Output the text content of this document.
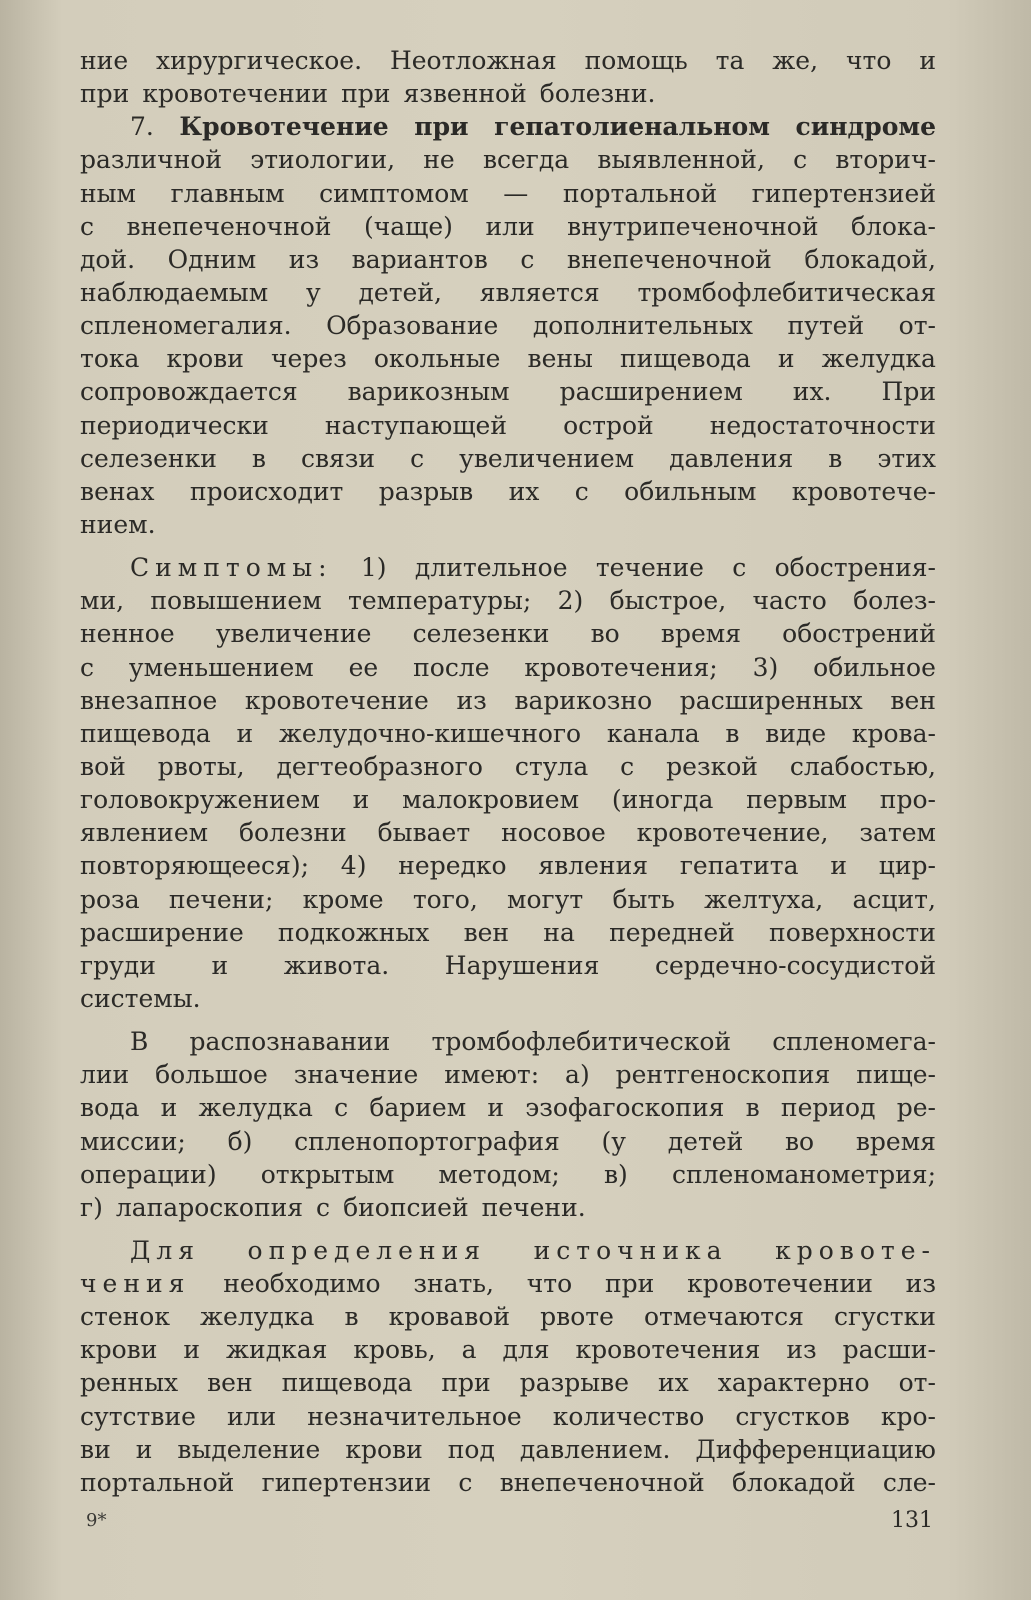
ние хирургическое. Неотложная помощь та же, что и
при кровотечении при язвенной болезни.
7. Кровотечение при гепатолиенальном синдроме
различной этиологии, не всегда выявленной, с вторич-
ным главным симптомом — портальной гипертензией
с внепеченочной (чаще) или внутрипеченочной блока-
дой. Одним из вариантов с внепеченочной блокадой,
наблюдаемым у детей, является тромбофлебитическая
спленомегалия. Образование дополнительных путей от-
тока крови через окольные вены пищевода и желудка
сопровождается варикозным расширением их. При
периодически наступающей острой недостаточности
селезенки в связи с увеличением давления в этих
венах происходит разрыв их с обильным кровотече-
нием.
Симптомы: 1) длительное течение с обострения-
ми, повышением температуры; 2) быстрое, часто болез-
ненное увеличение селезенки во время обострений
с уменьшением ее после кровотечения; 3) обильное
внезапное кровотечение из варикозно расширенных вен
пищевода и желудочно-кишечного канала в виде крова-
вой рвоты, дегтеобразного стула с резкой слабостью,
головокружением и малокровием (иногда первым про-
явлением болезни бывает носовое кровотечение, затем
повторяющееся); 4) нередко явления гепатита и цир-
роза печени; кроме того, могут быть желтуха, асцит,
расширение подкожных вен на передней поверхности
груди и живота. Нарушения сердечно-сосудистой
системы.
В распознавании тромбофлебитической спленомега-
лии большое значение имеют: а) рентгеноскопия пище-
вода и желудка с барием и эзофагоскопия в период ре-
миссии; б) спленопортография (у детей во время
операции) открытым методом; в) спленоманометрия;
г) лапароскопия с биопсией печени.
Для определения источника кровоте-
чения необходимо знать, что при кровотечении из
стенок желудка в кровавой рвоте отмечаются сгустки
крови и жидкая кровь, а для кровотечения из расши-
ренных вен пищевода при разрыве их характерно от-
сутствие или незначительное количество сгустков кро-
ви и выделение крови под давлением. Дифференциацию
портальной гипертензии с внепеченочной блокадой сле-
9*	131
